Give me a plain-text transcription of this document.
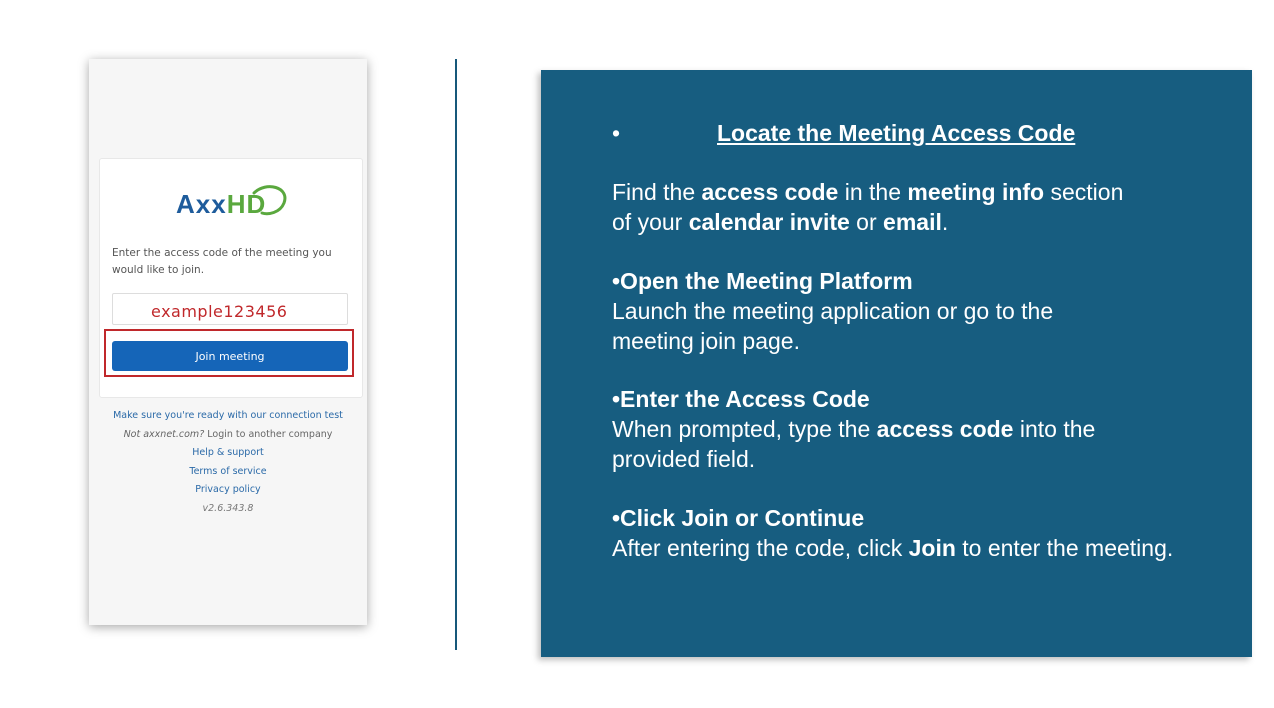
AxxHD
Enter the access code of the meeting you would like to join.
example123456
Join meeting
Make sure you're ready with our connection test
Not axxnet.com? Login to another company
Help & support
Terms of service
Privacy policy
v2.6.343.8
•	Locate the Meeting Access Code
Find the access code in the meeting info section
of your calendar invite or email.
•Open the Meeting Platform
Launch the meeting application or go to the
meeting join page.
•Enter the Access Code
When prompted, type the access code into the
provided field.
•Click Join or Continue
After entering the code, click Join to enter the meeting.
